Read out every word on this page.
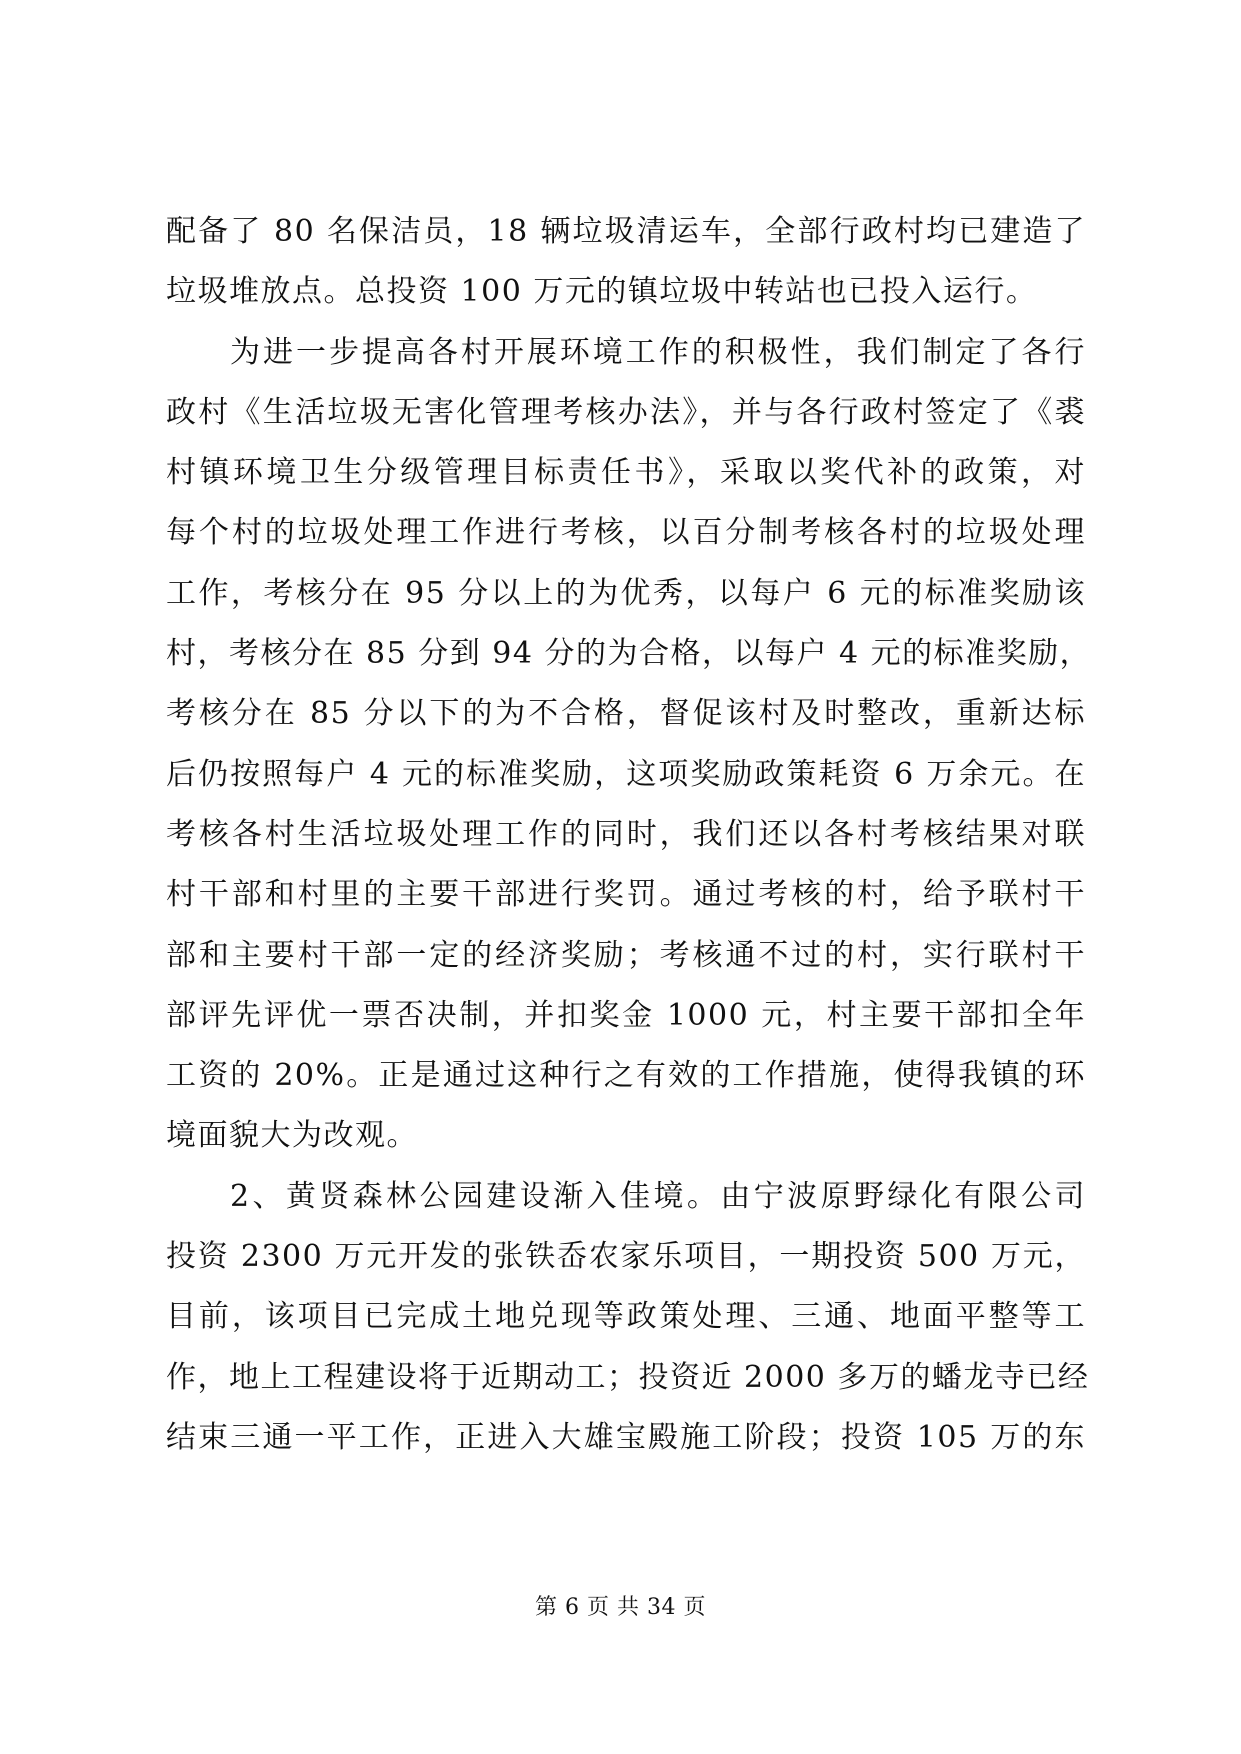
配备了 80 名保洁员，18 辆垃圾清运车，全部行政村均已建造了
垃圾堆放点。总投资 100 万元的镇垃圾中转站也已投入运行。
为进一步提高各村开展环境工作的积极性，我们制定了各行
政村《生活垃圾无害化管理考核办法》，并与各行政村签定了《裘
村镇环境卫生分级管理目标责任书》，采取以奖代补的政策，对
每个村的垃圾处理工作进行考核，以百分制考核各村的垃圾处理
工作，考核分在 95 分以上的为优秀，以每户 6 元的标准奖励该
村，考核分在 85 分到 94 分的为合格，以每户 4 元的标准奖励，
考核分在 85 分以下的为不合格，督促该村及时整改，重新达标
后仍按照每户 4 元的标准奖励，这项奖励政策耗资 6 万余元。在
考核各村生活垃圾处理工作的同时，我们还以各村考核结果对联
村干部和村里的主要干部进行奖罚。通过考核的村，给予联村干
部和主要村干部一定的经济奖励；考核通不过的村，实行联村干
部评先评优一票否决制，并扣奖金 1000 元，村主要干部扣全年
工资的 20%。正是通过这种行之有效的工作措施，使得我镇的环
境面貌大为改观。
2、黄贤森林公园建设渐入佳境。由宁波原野绿化有限公司
投资 2300 万元开发的张铁岙农家乐项目，一期投资 500 万元，
目前，该项目已完成土地兑现等政策处理、三通、地面平整等工
作，地上工程建设将于近期动工；投资近 2000 多万的蟠龙寺已经
结束三通一平工作，正进入大雄宝殿施工阶段；投资 105 万的东
第 6 页 共 34 页
